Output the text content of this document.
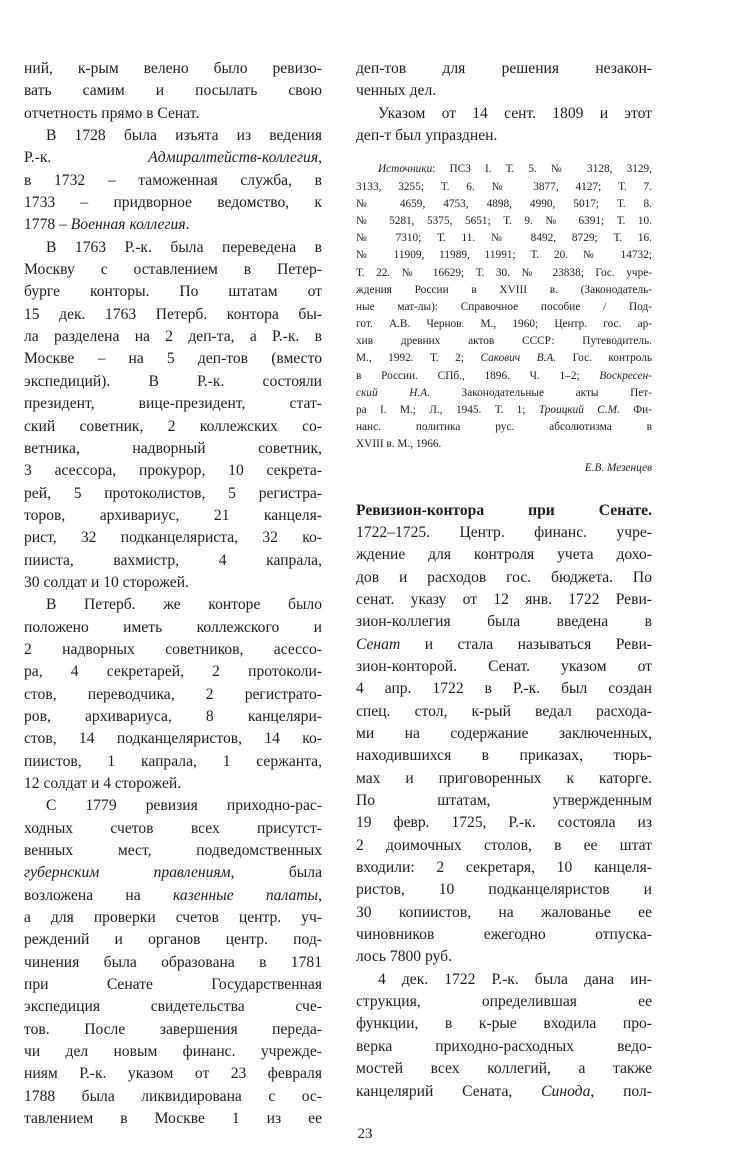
ний, к-рым велено было ревизо-
вать самим и посылать свою
отчетность прямо в Сенат.
В 1728 была изъята из ведения
Р.-к. Адмиралтейств-коллегия,
в 1732 – таможенная служба, в
1733 – придворное ведомство, к
1778 – Военная коллегия.
В 1763 Р.-к. была переведена в
Москву с оставлением в Петер-
бурге конторы. По штатам от
15 дек. 1763 Петерб. контора бы-
ла разделена на 2 деп-та, а Р.-к. в
Москве – на 5 деп-тов (вместо
экспедиций). В Р.-к. состояли
президент, вице-президент, стат-
ский советник, 2 коллежских со-
ветника, надворный советник,
3 асессора, прокурор, 10 секрета-
рей, 5 протоколистов, 5 регистра-
торов, архивариус, 21 канцеля-
рист, 32 подканцеляриста, 32 ко-
пииста, вахмистр, 4 капрала,
30 солдат и 10 сторожей.
В Петерб. же конторе было
положено иметь коллежского и
2 надворных советников, асессо-
ра, 4 секретарей, 2 протоколи-
стов, переводчика, 2 регистрато-
ров, архивариуса, 8 канцеляри-
стов, 14 подканцеляристов, 14 ко-
пиистов, 1 капрала, 1 сержанта,
12 солдат и 4 сторожей.
С 1779 ревизия приходно-рас-
ходных счетов всех присутст-
венных мест, подведомственных
губернским правлениям, была
возложена на казенные палаты,
а для проверки счетов центр. уч-
реждений и органов центр. под-
чинения была образована в 1781
при Сенате Государственная
экспедиция свидетельства сче-
тов. После завершения переда-
чи дел новым финанс. учрежде-
ниям Р.-к. указом от 23 февраля
1788 была ликвидирована с ос-
тавлением в Москве 1 из ее
деп-тов для решения незакон-
ченных дел.
Указом от 14 сент. 1809 и этот
деп-т был упразднен.
Источники: ПСЗ I. Т. 5. № 3128, 3129,
3133, 3255; Т. 6. № 3877, 4127; Т. 7.
№ 4659, 4753, 4898, 4990, 5017; Т. 8.
№ 5281, 5375, 5651; Т. 9. № 6391; Т. 10.
№ 7310; Т. 11. № 8492, 8729; Т. 16.
№ 11909, 11989, 11991; Т. 20. № 14732;
Т. 22. № 16629; Т. 30. № 23838; Гос. учре-
ждения России в XVIII в. (Законодатель-
ные мат-лы): Справочное пособие / Под-
гот. А.В. Чернов. М., 1960; Центр. гос. ар-
хив древних актов СССР: Путеводитель.
М., 1992. Т. 2; Сакович В.А. Гос. контроль
в России. СПб., 1896. Ч. 1–2; Воскресен-
ский Н.А. Законодательные акты Пет-
ра I. М.; Л., 1945. Т. 1; Троицкий С.М. Фи-
нанс. политика рус. абсолютизма в
XVIII в. М., 1966.
Е.В. Мезенцев
Ревизион-контора при Сенате.
1722–1725. Центр. финанс. учре-
ждение для контроля учета дохо-
дов и расходов гос. бюджета. По
сенат. указу от 12 янв. 1722 Реви-
зион-коллегия была введена в
Сенат и стала называться Реви-
зион-конторой. Сенат. указом от
4 апр. 1722 в Р.-к. был создан
спец. стол, к-рый ведал расхода-
ми на содержание заключенных,
находившихся в приказах, тюрь-
мах и приговоренных к каторге.
По штатам, утвержденным
19 февр. 1725, Р.-к. состояла из
2 доимочных столов, в ее штат
входили: 2 секретаря, 10 канцеля-
ристов, 10 подканцеляристов и
30 копиистов, на жалованье ее
чиновников ежегодно отпуска-
лось 7800 руб.
4 дек. 1722 Р.-к. была дана ин-
струкция, определившая ее
функции, в к-рые входила про-
верка приходно-расходных ведо-
мостей всех коллегий, а также
канцелярий Сената, Синода, пол-
23
